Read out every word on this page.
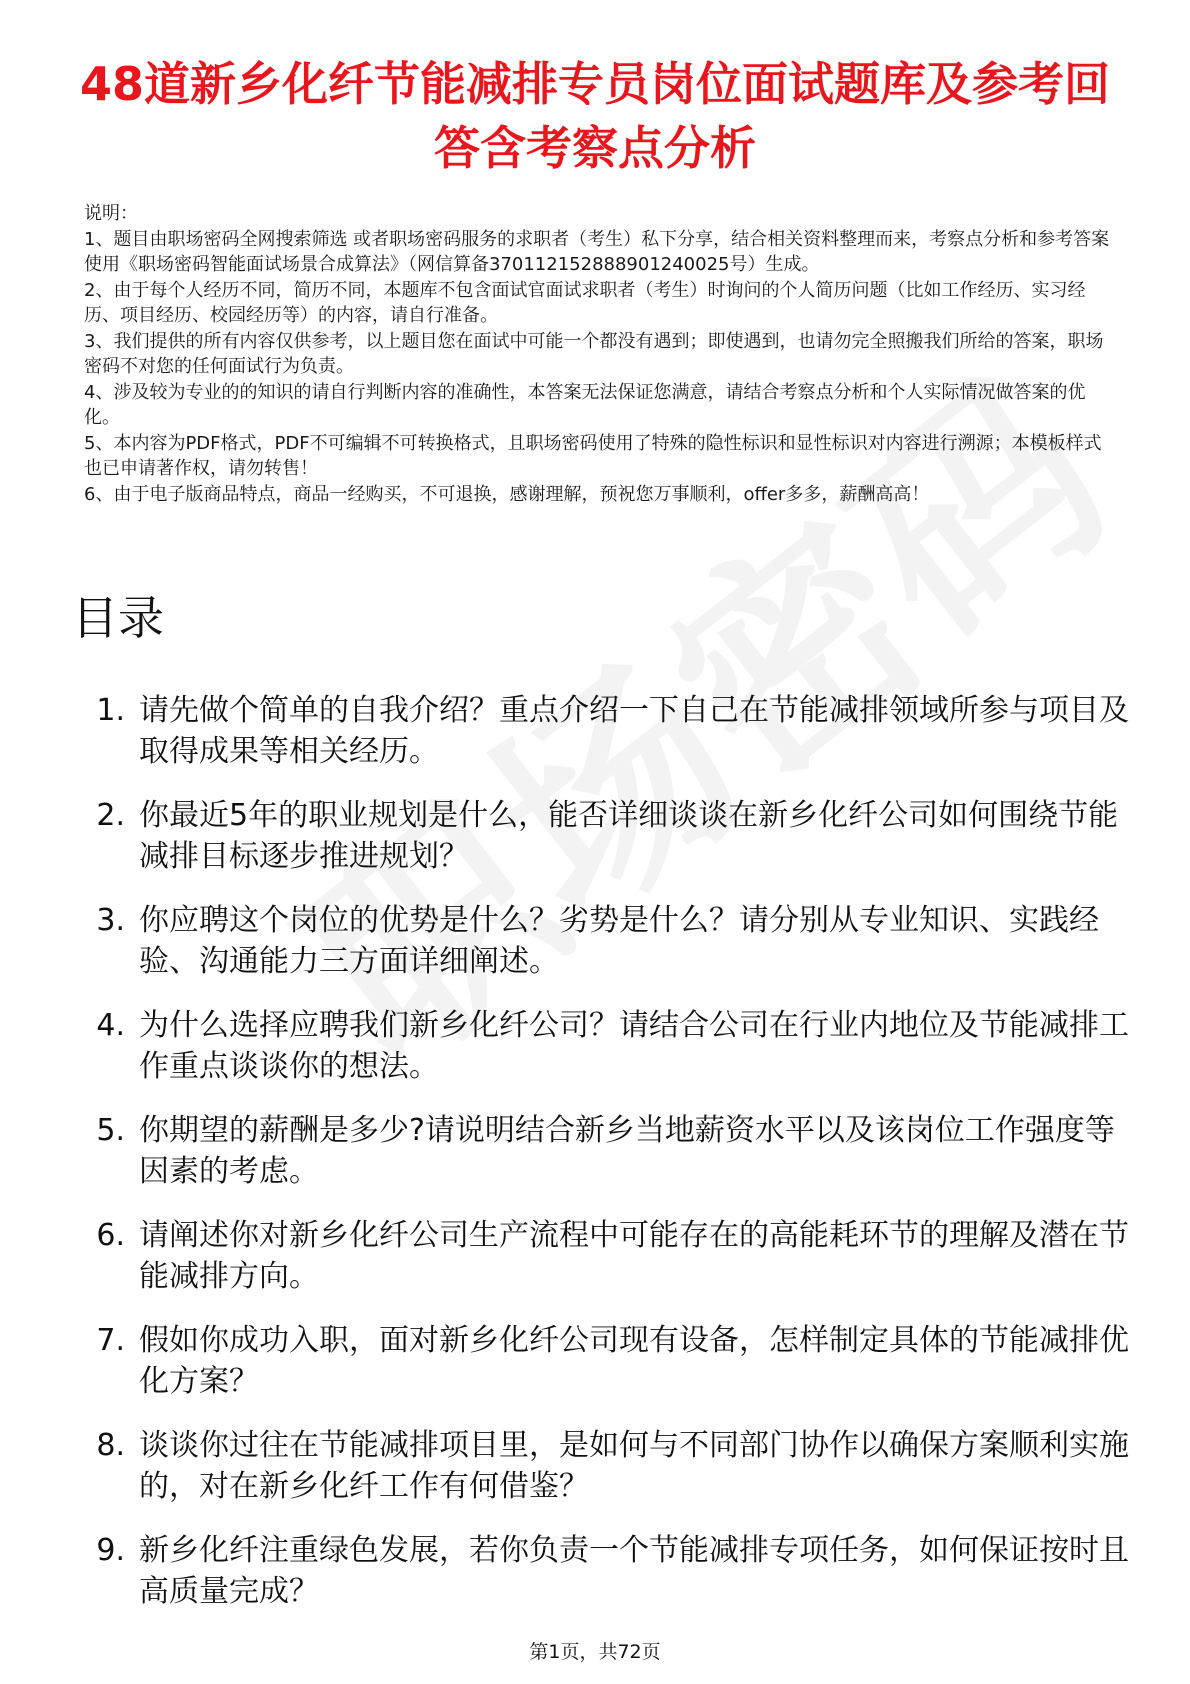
48道新乡化纤节能减排专员岗位面试题库及参考回答含考察点分析

说明：

1、题目由职场密码全网搜索筛选 或者职场密码服务的求职者（考生）私下分享，结合相关资料整理而来，考察点分析和参考答案使用《职场密码智能面试场景合成算法》（网信算备370112152888901240025号）生成。

2、由于每个人经历不同，简历不同，本题库不包含面试官面试求职者（考生）时询问的个人简历问题（比如工作经历、实习经历、项目经历、校园经历等）的内容，请自行准备。

3、我们提供的所有内容仅供参考，以上题目您在面试中可能一个都没有遇到；即使遇到，也请勿完全照搬我们所给的答案，职场密码不对您的任何面试行为负责。

4、涉及较为专业的的知识的请自行判断内容的准确性，本答案无法保证您满意，请结合考察点分析和个人实际情况做答案的优化。

5、本内容为PDF格式，PDF不可编辑不可转换格式，且职场密码使用了特殊的隐性标识和显性标识对内容进行溯源；本模板样式也已申请著作权，请勿转售！

6、由于电子版商品特点，商品一经购买，不可退换，感谢理解，预祝您万事顺利，offer多多，薪酬高高！

目录
1. 请先做个简单的自我介绍？重点介绍一下自己在节能减排领域所参与项目及取得成果等相关经历。
2. 你最近5年的职业规划是什么，能否详细谈谈在新乡化纤公司如何围绕节能减排目标逐步推进规划？
3. 你应聘这个岗位的优势是什么？劣势是什么？请分别从专业知识、实践经验、沟通能力三方面详细阐述。
4. 为什么选择应聘我们新乡化纤公司？请结合公司在行业内地位及节能减排工作重点谈谈你的想法。
5. 你期望的薪酬是多少?请说明结合新乡当地薪资水平以及该岗位工作强度等因素的考虑。
6. 请阐述你对新乡化纤公司生产流程中可能存在的高能耗环节的理解及潜在节能减排方向。
7. 假如你成功入职，面对新乡化纤公司现有设备，怎样制定具体的节能减排优化方案？
8. 谈谈你过往在节能减排项目里，是如何与不同部门协作以确保方案顺利实施的，对在新乡化纤工作有何借鉴？
9. 新乡化纤注重绿色发展，若你负责一个节能减排专项任务，如何保证按时且高质量完成？
第1页，共72页
